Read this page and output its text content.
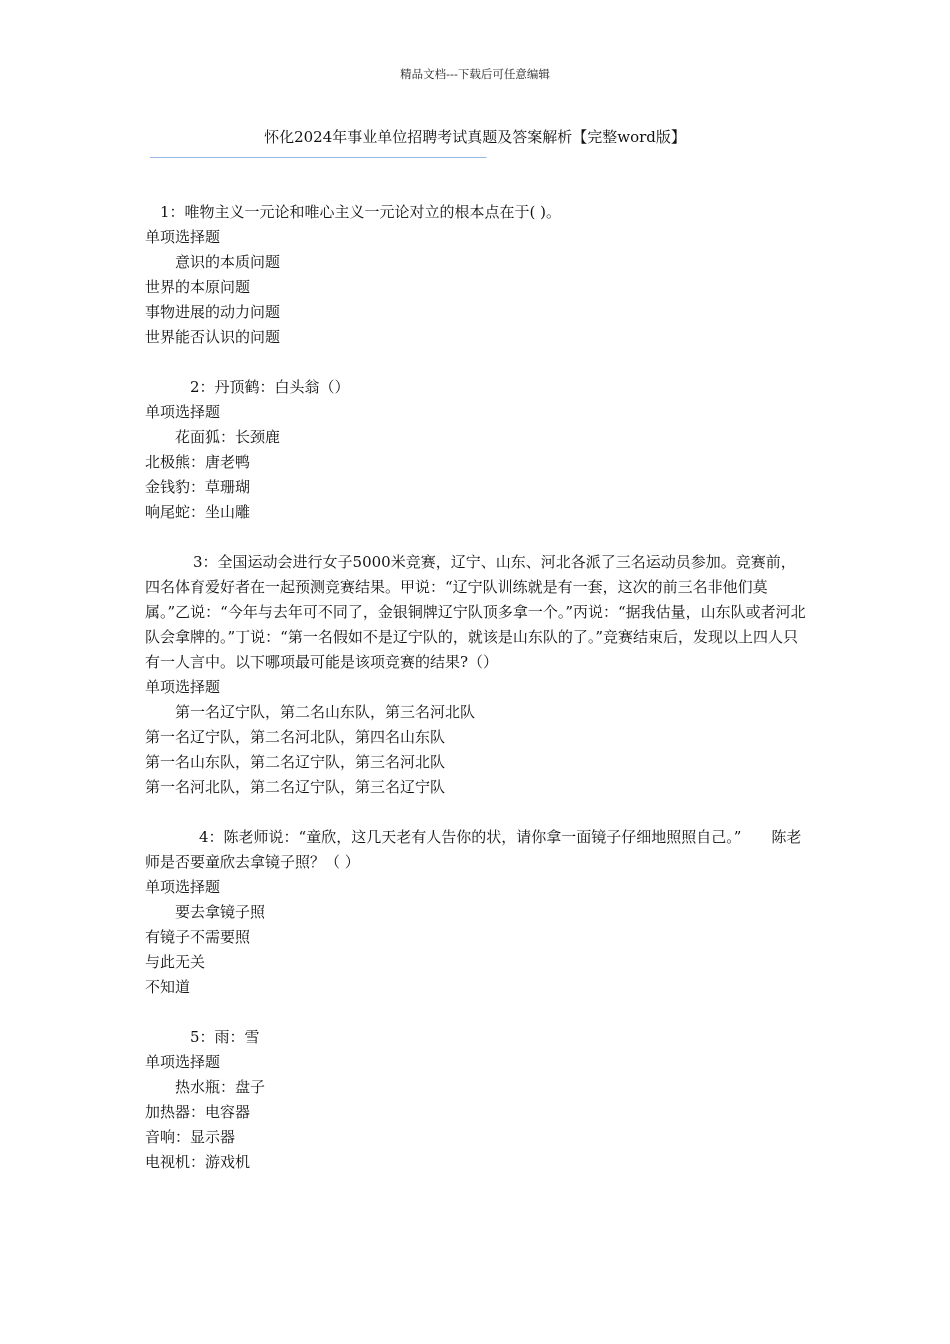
精品文档---下载后可任意编辑
怀化2024年事业单位招聘考试真题及答案解析【完整word版】
———————————————————————————————————————————

1：唯物主义一元论和唯心主义一元论对立的根本点在于( )。

单项选择题

意识的本质问题

世界的本原问题

事物进展的动力问题

世界能否认识的问题

2：丹顶鹤：白头翁（）

单项选择题

花面狐：长颈鹿

北极熊：唐老鸭

金钱豹：草珊瑚

响尾蛇：坐山雕

3：全国运动会进行女子5000米竞赛，辽宁、山东、河北各派了三名运动员参加。竞赛前，四名体育爱好者在一起预测竞赛结果。甲说：“辽宁队训练就是有一套，这次的前三名非他们莫属。”乙说：“今年与去年可不同了，金银铜牌辽宁队顶多拿一个。”丙说：“据我估量，山东队或者河北队会拿牌的。”丁说：“第一名假如不是辽宁队的，就该是山东队的了。”竞赛结束后，发现以上四人只有一人言中。以下哪项最可能是该项竞赛的结果?（）

单项选择题

第一名辽宁队，第二名山东队，第三名河北队

第一名辽宁队，第二名河北队，第四名山东队

第一名山东队，第二名辽宁队，第三名河北队

第一名河北队，第二名辽宁队，第三名辽宁队

4：陈老师说：“童欣，这几天老有人告你的状，请你拿一面镜子仔细地照照自己。”　　陈老师是否要童欣去拿镜子照？（ ）

单项选择题

要去拿镜子照

有镜子不需要照

与此无关

不知道

5：雨：雪

单项选择题

热水瓶：盘子

加热器：电容器

音响：显示器

电视机：游戏机
